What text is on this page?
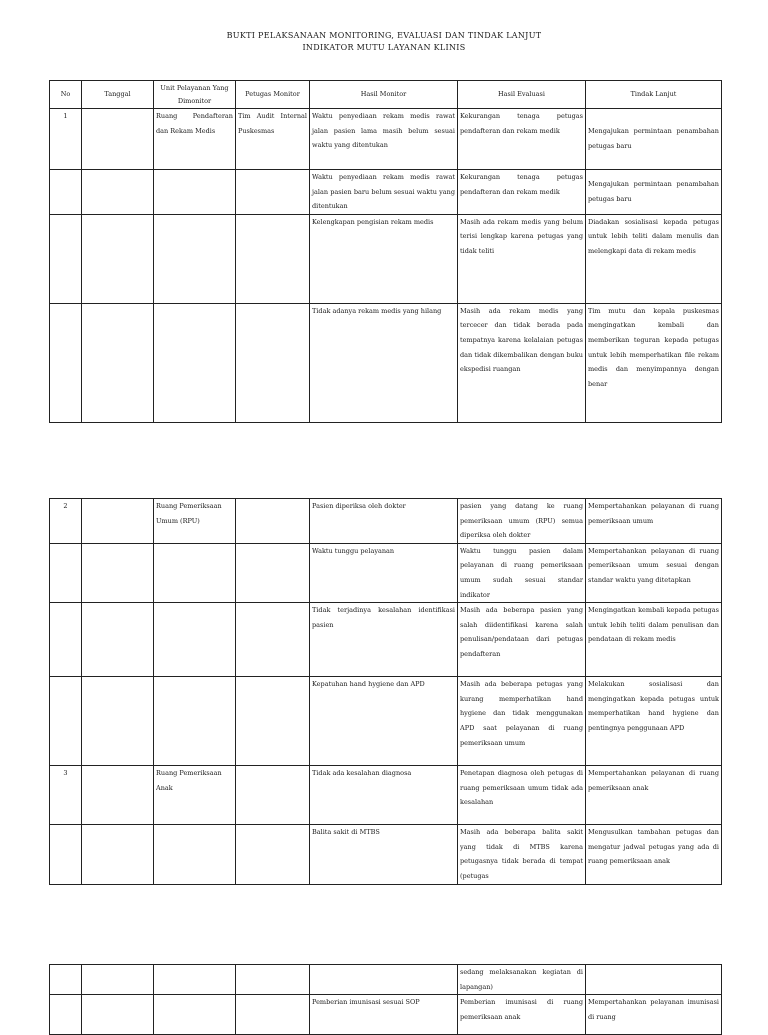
BUKTI PELAKSANAAN MONITORING, EVALUASI DAN TINDAK LANJUT
INDIKATOR MUTU LAYANAN KLINIS
No	Tanggal	Unit Pelayanan Yang Dimonitor	Petugas Monitor	Hasil Monitor	Hasil Evaluasi	Tindak Lanjut
1		Ruang Pendafteran dan Rekam Medis	Tim Audit Internal Puskesmas	Waktu penyediaan rekam medis rawat jalan pasien lama masih belum sesuai waktu yang ditentukan	Kekurangan tenaga petugas pendafteran dan rekam medik	Mengajukan permintaan penambahan petugas baru
				Waktu penyediaan rekam medis rawat jalan pasien baru belum sesuai waktu yang ditentukan	Kekurangan tenaga petugas pendafteran dan rekam medik	Mengajukan permintaan penambahan petugas baru
				Kelengkapan pengisian rekam medis	Masih ada rekam medis yang belum terisi lengkap karena petugas yang tidak teliti	Diadakan sosialisasi kepada petugas untuk lebih teliti dalam menulis dan melengkapi data di rekam medis
				Tidak adanya rekam medis yang hilang	Masih ada rekam medis yang tercecer dan tidak berada pada tempatnya karena kelalaian petugas dan tidak dikembalikan dengan buku ekspedisi ruangan	Tim mutu dan kepala puskesmas mengingatkan kembali dan memberikan teguran kepada petugas untuk lebih memperhatikan file rekam medis dan menyimpannya dengan benar
2		Ruang Pemeriksaan Umum (RPU)		Pasien diperiksa oleh dokter	pasien yang datang ke ruang pemeriksaan umum (RPU) semua diperiksa oleh dokter	Mempertahankan pelayanan di ruang pemeriksaan umum
				Waktu tunggu pelayanan	Waktu tunggu pasien dalam pelayanan di ruang pemeriksaan umum sudah sesuai standar indikator	Mempertahankan pelayanan di ruang pemeriksaan umum sesuai dengan standar waktu yang ditetapkan
				Tidak terjadinya kesalahan identifikasi pasien	Masih ada beberapa pasien yang salah diidentifikasi karena salah penulisan/pendataan dari petugas pendafteran	Mengingatkan kembali kepada petugas untuk lebih teliti dalam penulisan dan pendataan di rekam medis
				Kepatuhan hand hygiene dan APD	Masih ada beberapa petugas yang kurang memperhatikan hand hygiene dan tidak menggunakan APD saat pelayanan di ruang pemeriksaan umum	Melakukan sosialisasi dan mengingatkan kepada petugas untuk memperhatikan hand hygiene dan pentingnya penggunaan APD
3		Ruang Pemeriksaan Anak		Tidak ada kesalahan diagnosa	Penetapan diagnosa oleh petugas di ruang pemeriksaan umum tidak ada kesalahan	Mempertahankan pelayanan di ruang pemeriksaan anak
				Balita sakit di MTBS	Masih ada beberapa balita sakit yang tidak di MTBS karena petugasnya tidak berada di tempat (petugas	Mengusulkan tambahan petugas dan mengatur jadwal petugas yang ada di ruang pemeriksaan anak
					sedang melaksanakan kegiatan di lapangan)	
				Pemberian imunisasi sesuai SOP	Pemberian imunisasi di ruang pemeriksaan anak	Mempertahankan pelayanan imunisasi di ruang
